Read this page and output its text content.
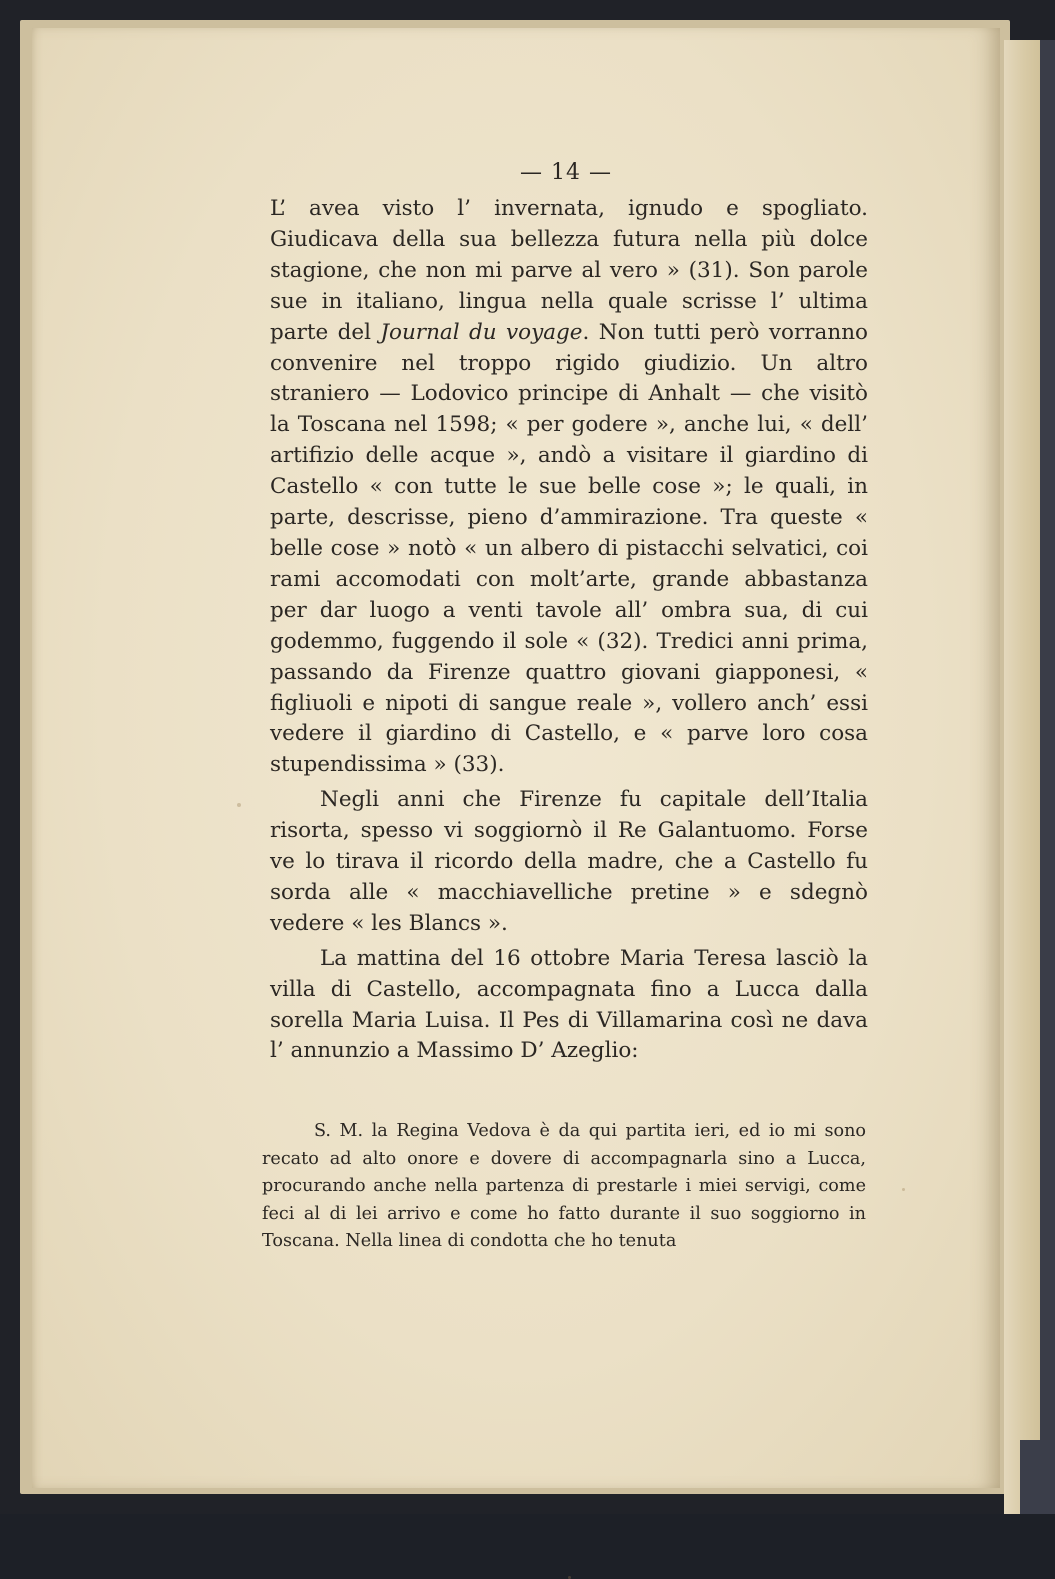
— 14 —

L’ avea visto l’ invernata, ignudo e spogliato. Giudicava della sua bellezza futura nella più dolce stagione, che non mi parve al vero » (31). Son parole sue in italiano, lingua nella quale scrisse l’ ultima parte del Journal du voyage. Non tutti però vorranno convenire nel troppo rigido giudizio. Un altro straniero — Lodovico principe di Anhalt — che visitò la Toscana nel 1598; « per godere », anche lui, « dell’ artifizio delle acque », andò a visitare il giardino di Castello « con tutte le sue belle cose »; le quali, in parte, descrisse, pieno d’ammirazione. Tra queste « belle cose » notò « un albero di pistacchi selvatici, coi rami accomodati con molt’arte, grande abbastanza per dar luogo a venti tavole all’ ombra sua, di cui godemmo, fuggendo il sole « (32). Tredici anni prima, passando da Firenze quattro giovani giapponesi, « figliuoli e nipoti di sangue reale », vollero anch’ essi vedere il giardino di Castello, e « parve loro cosa stupendissima » (33).

Negli anni che Firenze fu capitale dell’Italia risorta, spesso vi soggiornò il Re Galantuomo. Forse ve lo tirava il ricordo della madre, che a Castello fu sorda alle « macchiavelliche pretine » e sdegnò vedere « les Blancs ».

La mattina del 16 ottobre Maria Teresa lasciò la villa di Castello, accompagnata fino a Lucca dalla sorella Maria Luisa. Il Pes di Villamarina così ne dava l’ annunzio a Massimo D’ Azeglio:

S. M. la Regina Vedova è da qui partita ieri, ed io mi sono recato ad alto onore e dovere di accompagnarla sino a Lucca, procurando anche nella partenza di prestarle i miei servigi, come feci al di lei arrivo e come ho fatto durante il suo soggiorno in Toscana. Nella linea di condotta che ho tenuta
